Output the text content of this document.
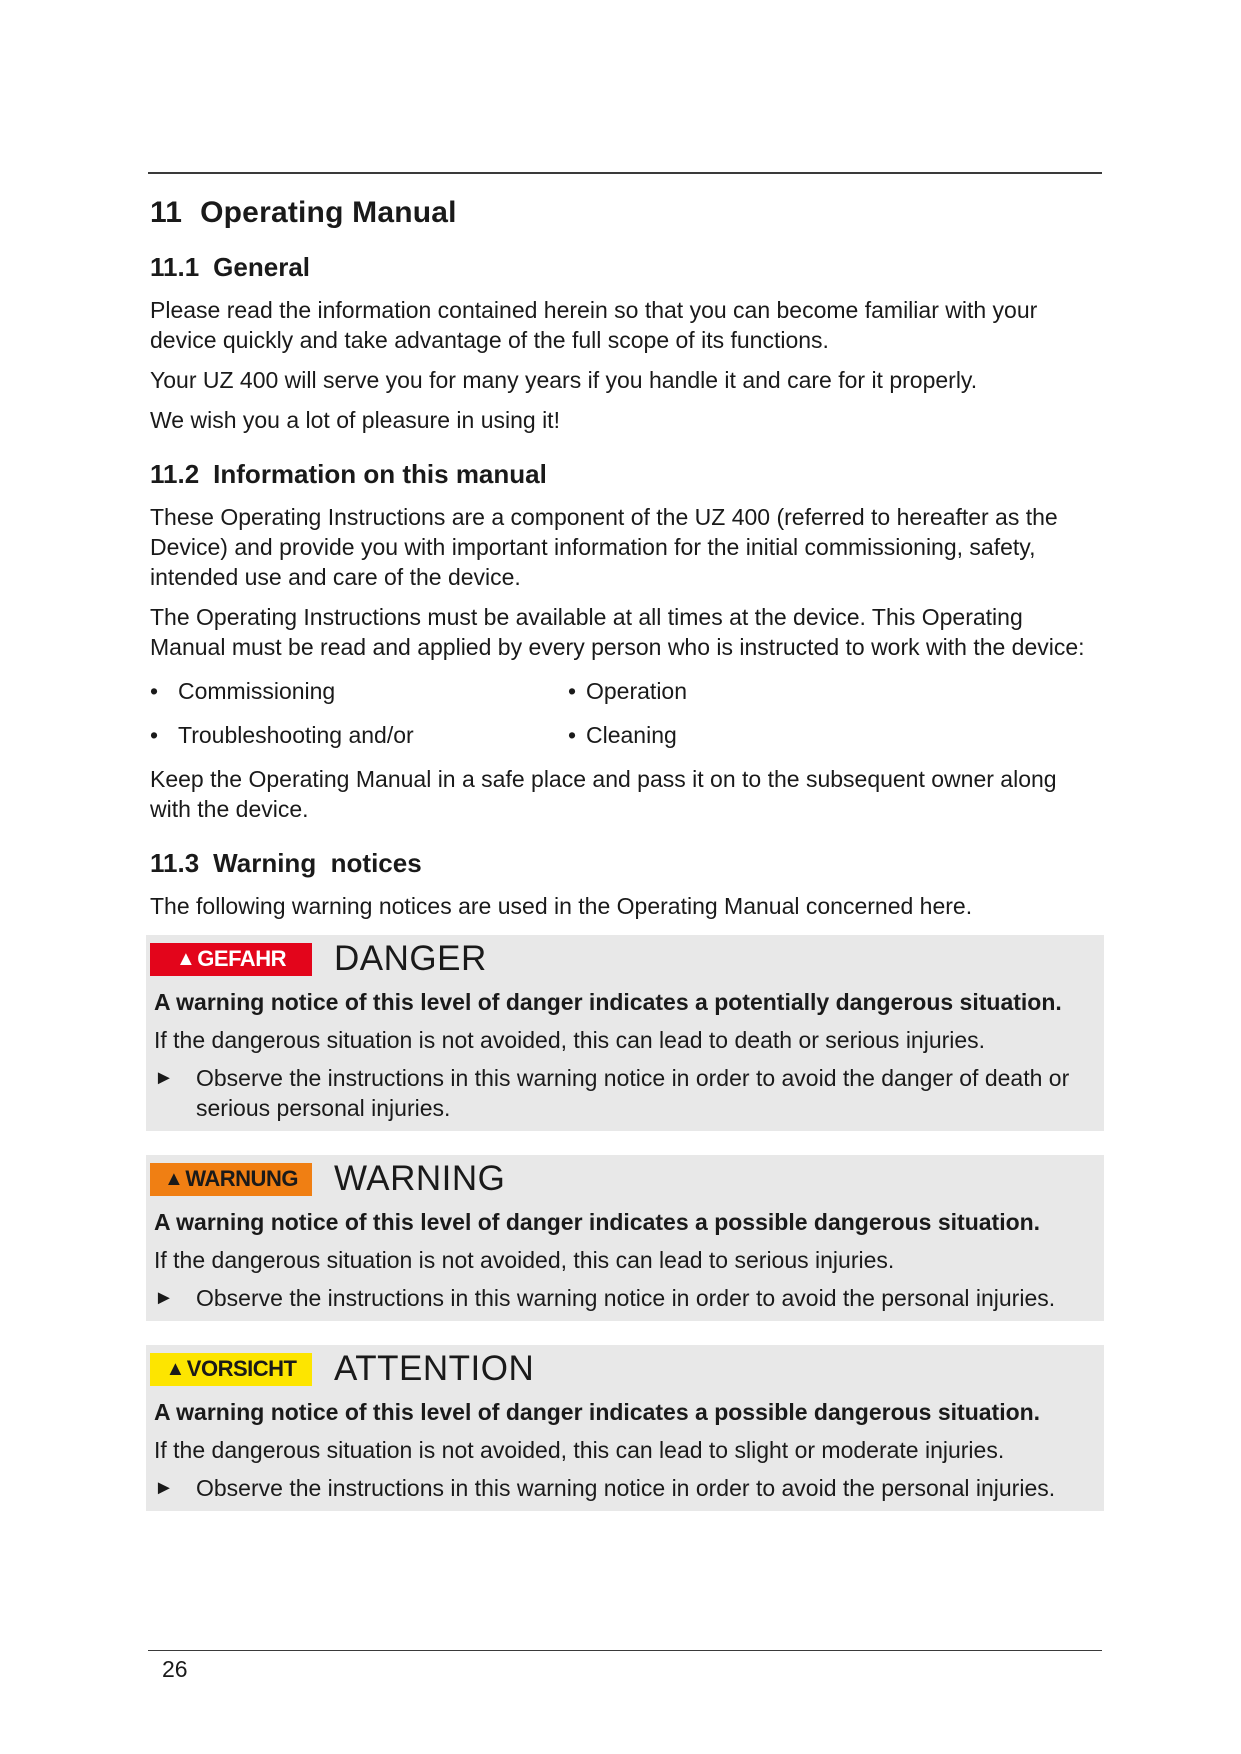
11 Operating Manual
11.1 General

Please read the information contained herein so that you can become familiar with your device quickly and take advantage of the full scope of its functions.

Your UZ 400 will serve you for many years if you handle it and care for it properly.

We wish you a lot of pleasure in using it!

11.2 Information on this manual

These Operating Instructions are a component of the UZ 400 (referred to hereafter as the Device) and provide you with important information for the initial commissioning, safety, intended use and care of the device.

The Operating Instructions must be available at all times at the device. This Operating Manual must be read and applied by every person who is instructed to work with the device:

• Commissioning	• Operation
• Troubleshooting and/or	• Cleaning

Keep the Operating Manual in a safe place and pass it on to the subsequent owner along with the device.

11.3 Warning  notices

The following warning notices are used in the Operating Manual concerned here.

▲ GEFAHR DANGER
A warning notice of this level of danger indicates a potentially dangerous situation.
If the dangerous situation is not avoided, this can lead to death or serious injuries.
► Observe the instructions in this warning notice in order to avoid the danger of death or serious personal injuries.
▲ WARNUNG WARNING
A warning notice of this level of danger indicates a possible dangerous situation.
If the dangerous situation is not avoided, this can lead to serious injuries.
► Observe the instructions in this warning notice in order to avoid the personal injuries.
▲ VORSICHT ATTENTION
A warning notice of this level of danger indicates a possible dangerous situation.
If the dangerous situation is not avoided, this can lead to slight or moderate injuries.
► Observe the instructions in this warning notice in order to avoid the personal injuries.
26
